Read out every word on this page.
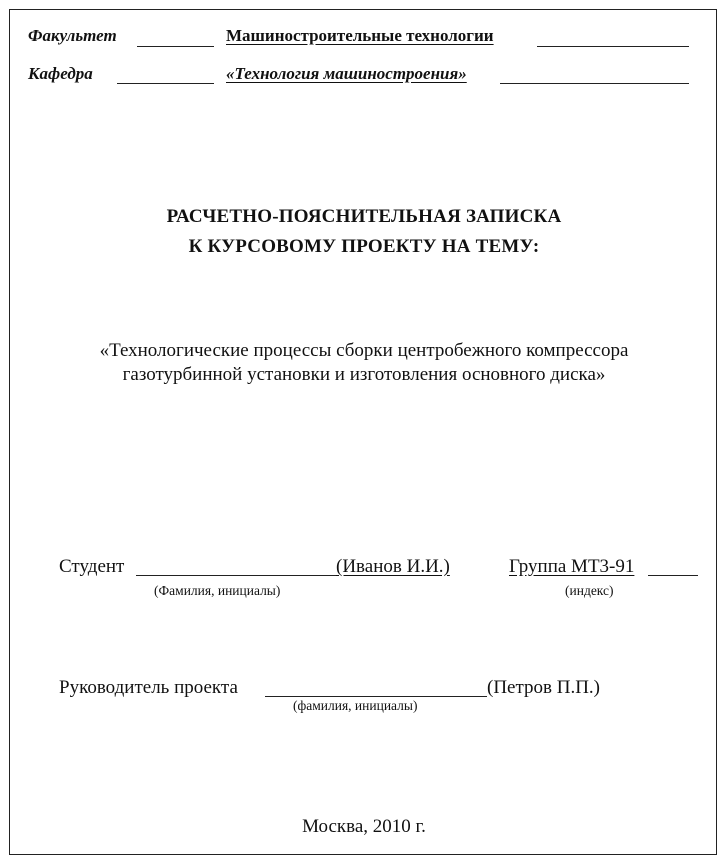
Факультет	Машиностроительные технологии
Кафедра	«Технология машиностроения»
РАСЧЕТНО-ПОЯСНИТЕЛЬНАЯ ЗАПИСКА
К КУРСОВОМУ ПРОЕКТУ НА ТЕМУ:
«Технологические процессы сборки центробежного компрессора
газотурбинной установки и изготовления основного диска»
Студент	(Иванов И.И.)
(Фамилия, инициалы)
Группа МТ3-91
(индекс)
Руководитель проекта	(Петров П.П.)
(фамилия, инициалы)
Москва, 2010 г.
